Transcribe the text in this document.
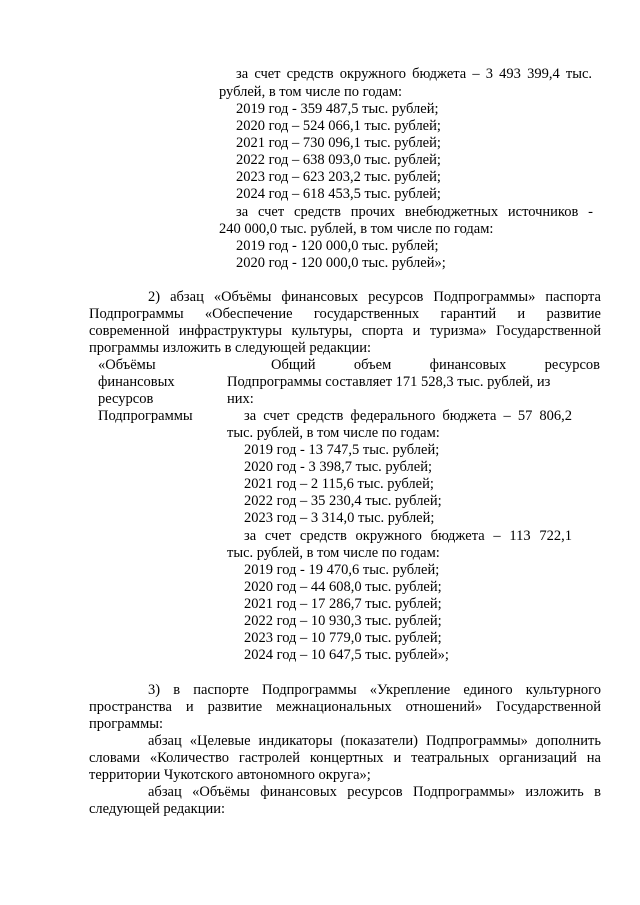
за счет средств окружного бюджета – 3 493 399,4 тыс.
рублей, в том числе по годам:
2019 год - 359 487,5 тыс. рублей;
2020 год – 524 066,1 тыс. рублей;
2021 год – 730 096,1 тыс. рублей;
2022 год – 638 093,0 тыс. рублей;
2023 год – 623 203,2 тыс. рублей;
2024 год – 618 453,5 тыс. рублей;
за счет средств прочих внебюджетных источников -
240 000,0 тыс. рублей, в том числе по годам:
2019 год - 120 000,0 тыс. рублей;
2020 год - 120 000,0 тыс. рублей»;
2) абзац «Объёмы финансовых ресурсов Подпрограммы» паспорта
Подпрограммы «Обеспечение государственных гарантий и развитие
современной инфраструктуры культуры, спорта и туризма» Государственной
программы изложить в следующей редакции:
«Объёмы
финансовых
ресурсов
Подпрограммы
Общий объем финансовых ресурсов
Подпрограммы составляет 171 528,3 тыс. рублей, из
них:
за счет средств федерального бюджета – 57 806,2
тыс. рублей, в том числе по годам:
2019 год - 13 747,5 тыс. рублей;
2020 год - 3 398,7 тыс. рублей;
2021 год – 2 115,6 тыс. рублей;
2022 год – 35 230,4 тыс. рублей;
2023 год – 3 314,0 тыс. рублей;
за счет средств окружного бюджета – 113 722,1
тыс. рублей, в том числе по годам:
2019 год - 19 470,6 тыс. рублей;
2020 год – 44 608,0 тыс. рублей;
2021 год – 17 286,7 тыс. рублей;
2022 год – 10 930,3 тыс. рублей;
2023 год – 10 779,0 тыс. рублей;
2024 год – 10 647,5 тыс. рублей»;
3) в паспорте Подпрограммы «Укрепление единого культурного
пространства и развитие межнациональных отношений» Государственной
программы:
абзац «Целевые индикаторы (показатели) Подпрограммы» дополнить
словами «Количество гастролей концертных и театральных организаций на
территории Чукотского автономного округа»;
абзац «Объёмы финансовых ресурсов Подпрограммы» изложить в
следующей редакции:
